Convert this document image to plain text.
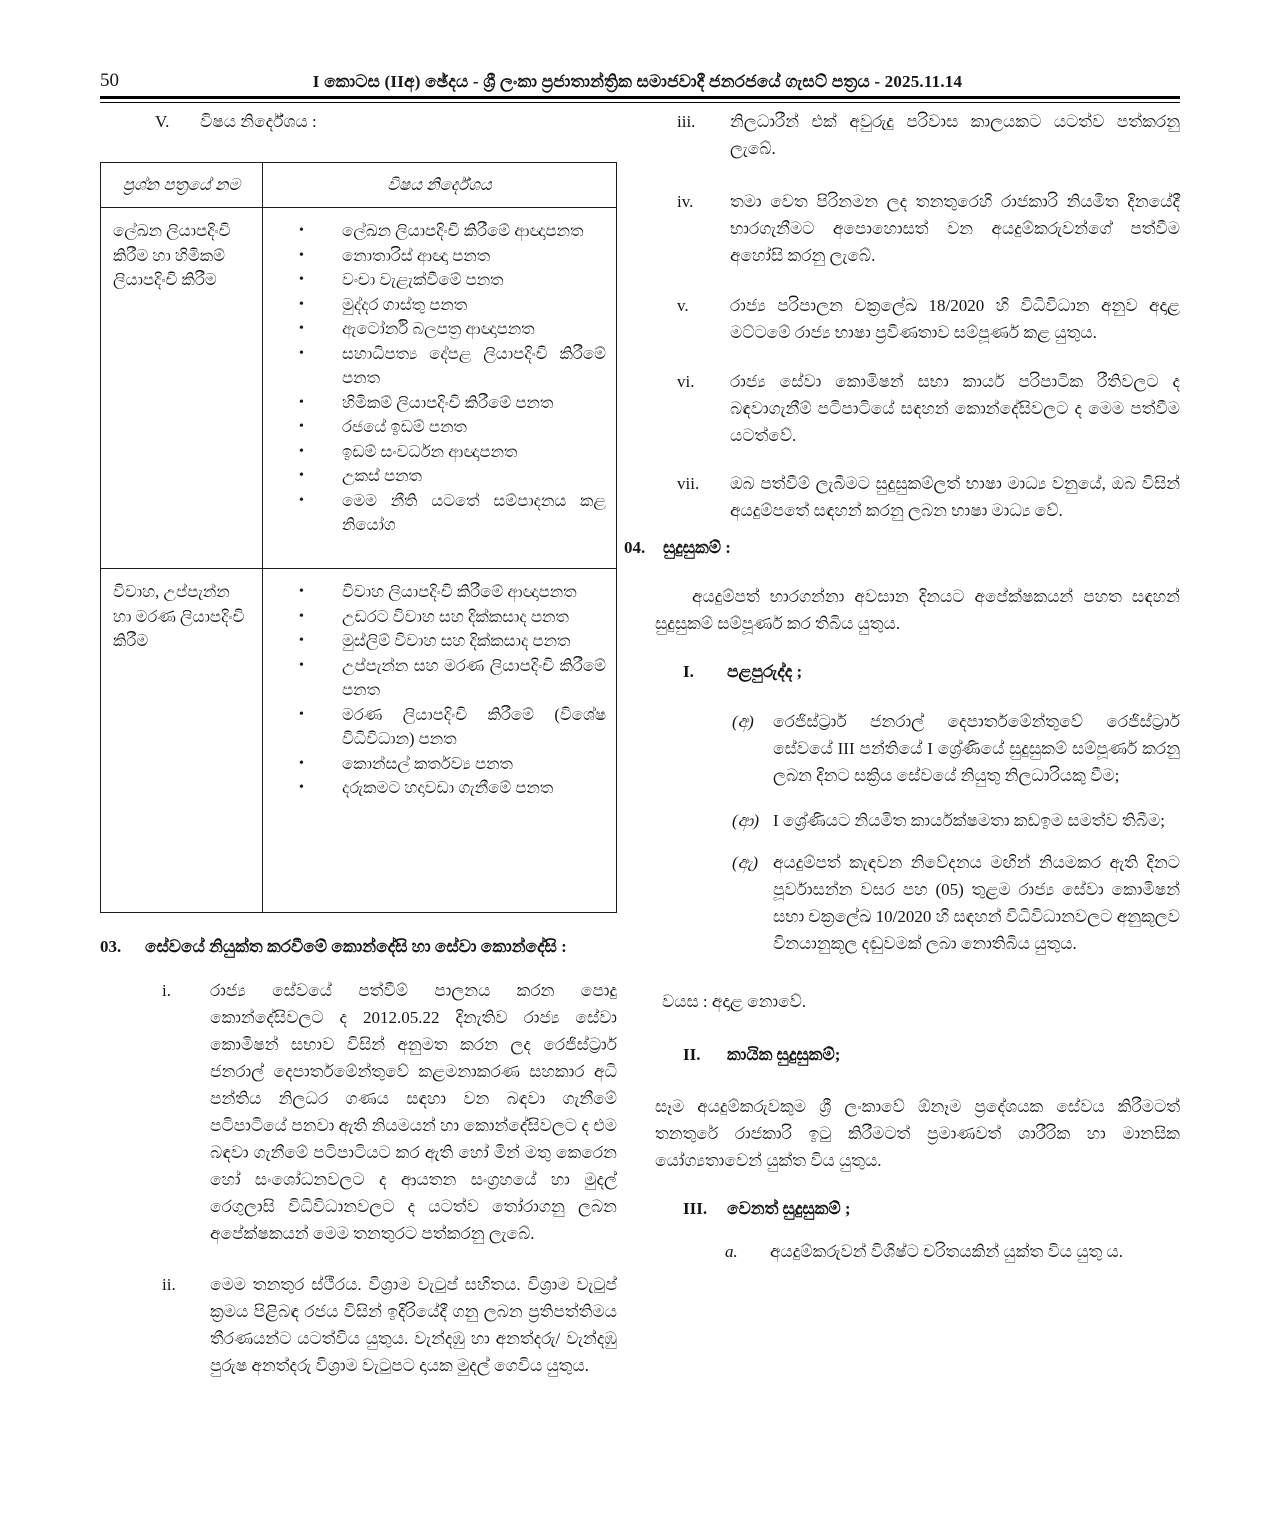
50	I කොටස (IIඅ) ඡේදය - ශ්‍රී ලංකා ප්‍රජාතාන්ත්‍රික සමාජවාදී ජනරජයේ ගැසට් පත්‍රය - 2025.11.14
V.	විෂය නිර්දේශය :
ප්‍රශ්න පත්‍රයේ නම	විෂය නිර්දේශය
ලේඛන ලියාපදිංචි කිරීම හා හිමිකම් ලියාපදිංචි කිරීම	
•	ලේඛන ලියාපදිංචි කිරීමේ ආඥාපනත
•	නොතාරිස් ආඥා පනත
•	වංචා වැළැක්වීමේ පනත
•	මුද්දර ගාස්තු පනත
•	ඇටෝර්නි බලපත්‍ර ආඥාපනත
•	සහාධිපත්‍ය දේපළ ලියාපදිංචි කිරීමේ පනත
•	හිමිකම් ලියාපදිංචි කිරීමේ පනත
•	රජයේ ඉඩම් පනත
•	ඉඩම් සංවර්ධන ආඥාපනත
•	උකස් පනත
•	මෙම නීති යටතේ සම්පාදනය කළ නියෝග

විවාහ, උප්පැන්න හා මරණ ලියාපදිංචි කිරීම	
•	විවාහ ලියාපදිංචි කිරීමේ ආඥාපනත
•	උඩරට විවාහ සහ දික්කසාද පනත
•	මුස්ලිම් විවාහ සහ දික්කසාද පනත
•	උප්පැන්න සහ මරණ ලියාපදිංචි කිරීමේ පනත
•	මරණ ලියාපදිංචි කිරීමේ (විශේෂ විධිවිධාන) පනත
•	කොන්සල් කර්තව්‍ය පනත
•	දරුකමට හදාවඩා ගැනීමේ පනත
03.	සේවයේ නියුක්ත කරවීමේ කොන්දේසි හා සේවා කොන්දේසි :
i.	රාජ්‍ය සේවයේ පත්වීම් පාලනය කරන පොදු කොන්දේසිවලට ද 2012.05.22 දිනැතිව රාජ්‍ය සේවා කොමිෂන් සභාව විසින් අනුමත කරන ලද රෙජිස්ට්‍රාර් ජනරාල් දෙපාර්තමේන්තුවේ කළමනාකරණ සහකාර අධි පන්තිය නිලධර ගණය සඳහා වන බඳවා ගැනීමේ පටිපාටියේ පනවා ඇති නියමයන් හා කොන්දේසිවලට ද එම බඳවා ගැනීමේ පටිපාටියට කර ඇති හෝ මින් මතු කෙරෙන හෝ සංශෝධනවලට ද ආයතන සංග්‍රහයේ හා මුදල් රෙගුලාසි විධිවිධානවලට ද යටත්ව තෝරාගනු ලබන අපේක්ෂකයන් මෙම තනතුරට පත්කරනු ලැබේ.
ii.	මෙම තනතුර ස්ථීරය. විශ්‍රාම වැටුප් සහිතය. විශ්‍රාම වැටුප් ක්‍රමය පිළිබඳ රජය විසින් ඉදිරියේදී ගනු ලබන ප්‍රතිපත්තිමය තීරණයන්ට යටත්විය යුතුය. වැන්දඹු හා අනත්දරු/ වැන්දඹු පුරුෂ අනත්දරු විශ්‍රාම වැටුපට දායක මුදල් ගෙවිය යුතුය.
iii.	නිලධාරීන් එක් අවුරුදු පරිවාස කාලයකට යටත්ව පත්කරනු ලැබේ.
iv.	තමා වෙත පිරිනමන ලද තනතුරෙහි රාජකාරි නියමිත දිනයේදී භාරගැනීමට අපොහොසත් වන අයදුම්කරුවන්ගේ පත්වීම අහෝසි කරනු ලැබේ.
v.	රාජ්‍ය පරිපාලන චක්‍රලේඛ 18/2020 හි විධිවිධාන අනුව අදාළ මට්ටමේ රාජ්‍ය භාෂා ප්‍රවීණතාව සම්පූර්ණ කළ යුතුය.
vi.	රාජ්‍ය සේවා කොමිෂන් සභා කාර්ය පරිපාටික රීතිවලට ද බඳවාගැනීම් පටිපාටියේ සඳහන් කොන්දේසිවලට ද මෙම පත්වීම යටත්වේ.
vii.	ඔබ පත්වීම් ලැබීමට සුදුසුකම්ලත් භාෂා මාධ්‍ය වනුයේ, ඔබ විසින් අයදුම්පතේ සඳහන් කරනු ලබන භාෂා මාධ්‍ය වේ.
04.	සුදුසුකම් :
අයදුම්පත් භාරගන්නා අවසාන දිනයට අපේක්ෂකයන් පහත සඳහන් සුදුසුකම් සම්පූර්ණ කර තිබිය යුතුය.
I.	පළපුරුද්ද ;
(අ)	රෙජිස්ට්‍රාර් ජනරාල් දෙපාර්තමේන්තුවේ රෙජිස්ට්‍රාර් සේවයේ III පන්තියේ I ශ්‍රේණියේ සුදුසුකම් සම්පූර්ණ කරනු ලබන දිනට සක්‍රිය සේවයේ නියුතු නිලධාරියකු වීම;
(ආ) I ශ්‍රේණියට නියමිත කාර්යක්ෂමතා කඩඉම සමත්ව තිබීම;
(ඇ) අයදුම්පත් කැඳවන නිවේදනය මඟින් නියමකර ඇති දිනට පූර්වාසන්න වසර පහ (05) තුළම රාජ්‍ය සේවා කොමිෂන් සභා චක්‍රලේඛ 10/2020 හි සඳහන් විධිවිධානවලට අනුකූලව විනයානුකූල දඬුවමක් ලබා නොතිබිය යුතුය.
වයස : අදාළ නොවේ.
II.	කායික සුදුසුකම්;
සෑම අයදුම්කරුවකුම ශ්‍රී ලංකාවේ ඕනෑම ප්‍රදේශයක සේවය කිරීමටත් තනතුරේ රාජකාරි ඉටු කිරීමටත් ප්‍රමාණවත් ශාරීරික හා මානසික යෝග්‍යතාවෙන් යුක්ත විය යුතුය.
III.	වෙනත් සුදුසුකම් ;
a.	අයදුම්කරුවන් විශිෂ්ට චරිතයකින් යුක්ත විය යුතු ය.
